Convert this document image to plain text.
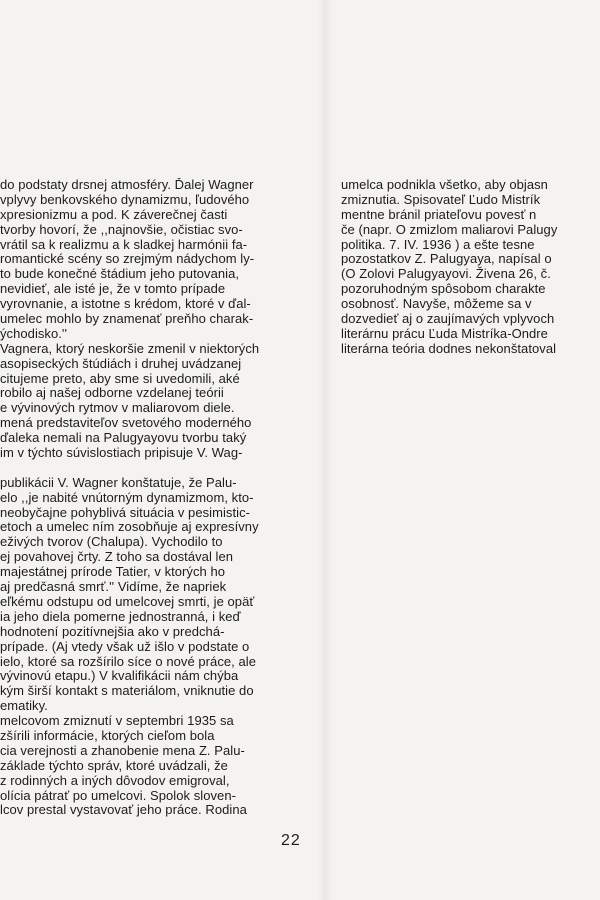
do podstaty drsnej atmosféry. Ďalej Wagner
vplyvy benkovského dynamizmu, ľudového
xpresionizmu a pod. K záverečnej časti
tvorby hovorí, že ,,najnovšie, očistiac svo-
vrátil sa k realizmu a k sladkej harmónii fa-
romantické scény so zrejmým nádychom ly-
to bude konečné štádium jeho putovania,
nevidieť, ale isté je, že v tomto prípade
vyrovnanie, a istotne s krédom, ktoré v ďal-
umelec mohlo by znamenať preňho charak-
ýchodisko.''
Vagnera, ktorý neskoršie zmenil v niektorých
asopiseckých štúdiách i druhej uvádzanej
citujeme preto, aby sme si uvedomili, aké
robilo aj našej odborne vzdelanej teórii
e vývinových rytmov v maliarovom diele.
mená predstaviteľov svetového moderného
ďaleka nemali na Palugyayovu tvorbu taký
im v týchto súvislostiach pripisuje V. Wag-
publikácii V. Wagner konštatuje, že Palu-
elo ,,je nabité vnútorným dynamizmom, kto-
neobyčajne pohyblivá situácia v pesimistic-
etoch a umelec ním zosobňuje aj expresívny
eživých tvorov (Chalupa). Vychodilo to
ej povahovej črty. Z toho sa dostával len
majestátnej prírode Tatier, v ktorých ho
aj predčasná smrť.'' Vidíme, že napriek
eľkému odstupu od umelcovej smrti, je opäť
ia jeho diela pomerne jednostranná, i keď
hodnotení pozitívnejšia ako v predchá-
prípade. (Aj vtedy však už išlo v podstate o
ielo, ktoré sa rozšírilo síce o nové práce, ale
vývinovú etapu.) V kvalifikácii nám chýba
kým širší kontakt s materiálom, vniknutie do
ematiky.
melcovom zmiznutí v septembri 1935 sa
zšírili informácie, ktorých cieľom bola
cia verejnosti a zhanobenie mena Z. Palu-
základe týchto správ, ktoré uvádzali, že
z rodinných a iných dôvodov emigroval,
olícia pátrať po umelcovi. Spolok sloven-
lcov prestal vystavovať jeho práce. Rodina
umelca podnikla všetko, aby objasn
zmiznutia. Spisovateľ Ľudo Mistrík
mentne bránil priateľovu povesť n
če (napr. O zmizlom maliarovi Palugy
politika. 7. IV. 1936 ) a ešte tesne
pozostatkov Z. Palugyaya, napísal o
(O Zolovi Palugyayovi. Živena 26, č.
pozoruhodným spôsobom charakte
osobnosť. Navyše, môžeme sa v
dozvedieť aj o zaujímavých vplyvoch
literárnu prácu Ľuda Mistríka-Ondre
literárna teória dodnes nekonštatoval
22
